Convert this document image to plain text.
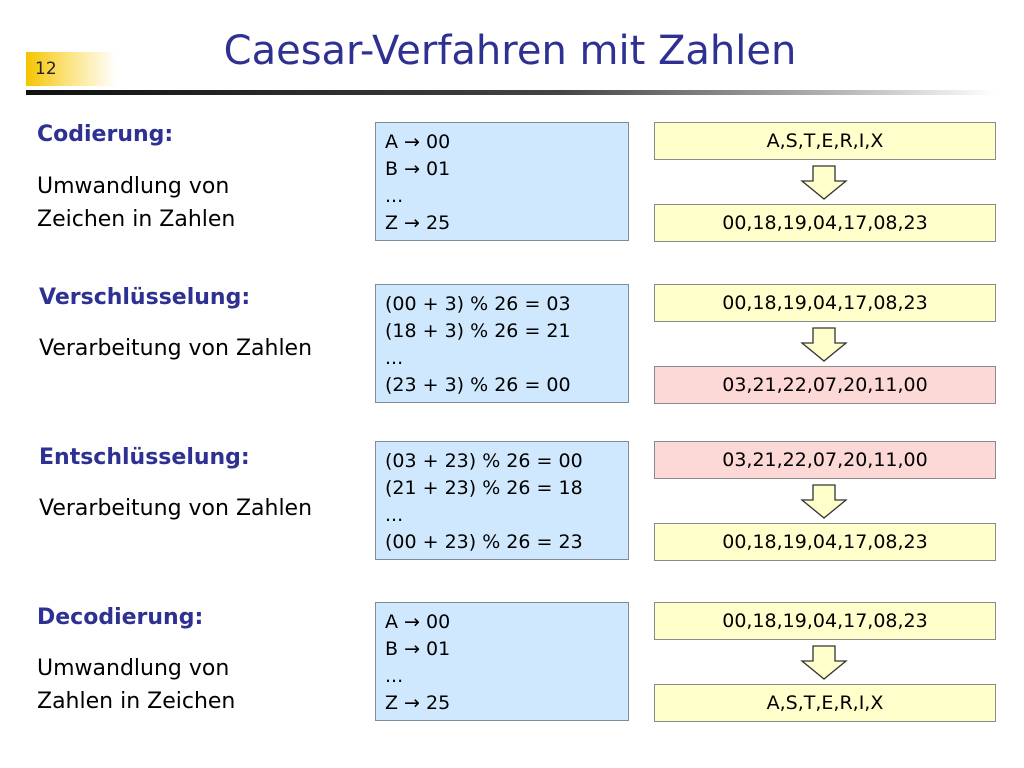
12	Caesar-Verfahren mit Zahlen
Codierung:
Umwandlung von
Zeichen in Zahlen
A → 00
B → 01
...
Z → 25
A,S,T,E,R,I,X
00,18,19,04,17,08,23
Verschlüsselung:
Verarbeitung von Zahlen
(00 + 3) % 26 = 03
(18 + 3) % 26 = 21
...
(23 + 3) % 26 = 00
00,18,19,04,17,08,23
03,21,22,07,20,11,00
Entschlüsselung:
Verarbeitung von Zahlen
(03 + 23) % 26 = 00
(21 + 23) % 26 = 18
...
(00 + 23) % 26 = 23
03,21,22,07,20,11,00
00,18,19,04,17,08,23
Decodierung:
Umwandlung von
Zahlen in Zeichen
A → 00
B → 01
...
Z → 25
00,18,19,04,17,08,23
A,S,T,E,R,I,X
